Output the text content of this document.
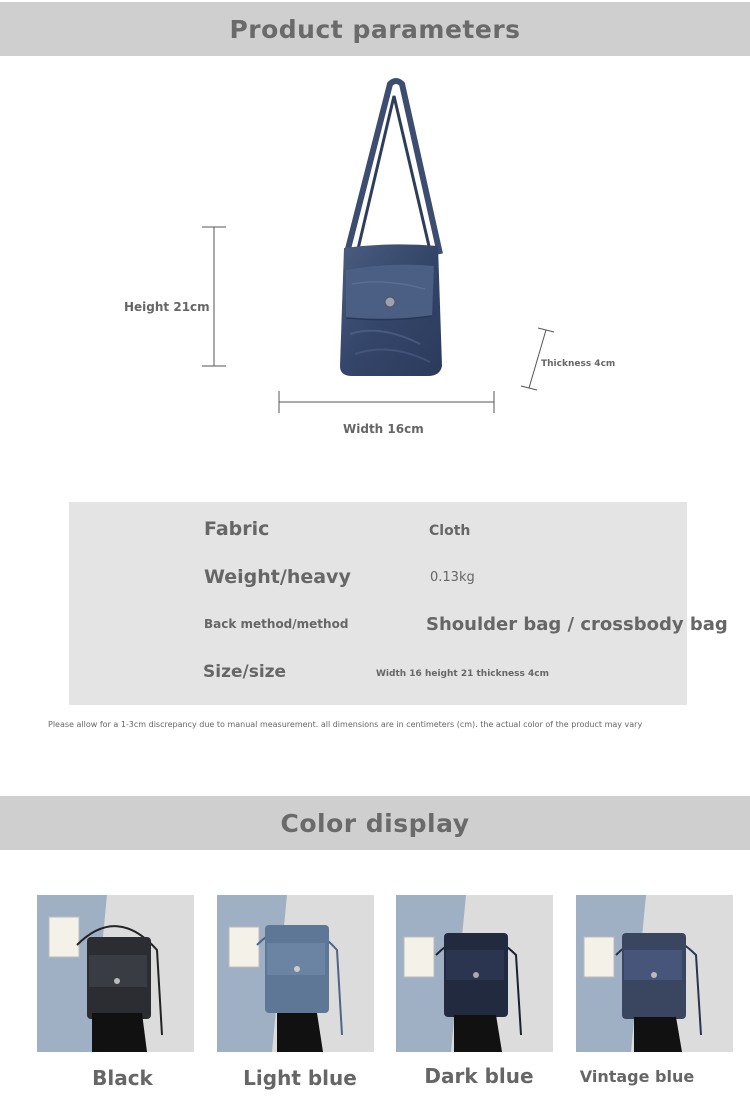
Product parameters
Height 21cm
Width 16cm
Thickness 4cm
Fabric	Cloth
Weight/heavy	0.13kg
Back method/method	Shoulder bag / crossbody bag
Size/size	Width 16 height 21 thickness 4cm
Please allow for a 1-3cm discrepancy due to manual measurement. all dimensions are in centimeters (cm). the actual color of the product may vary
Color display
Black	Light blue	Dark blue	Vintage blue
